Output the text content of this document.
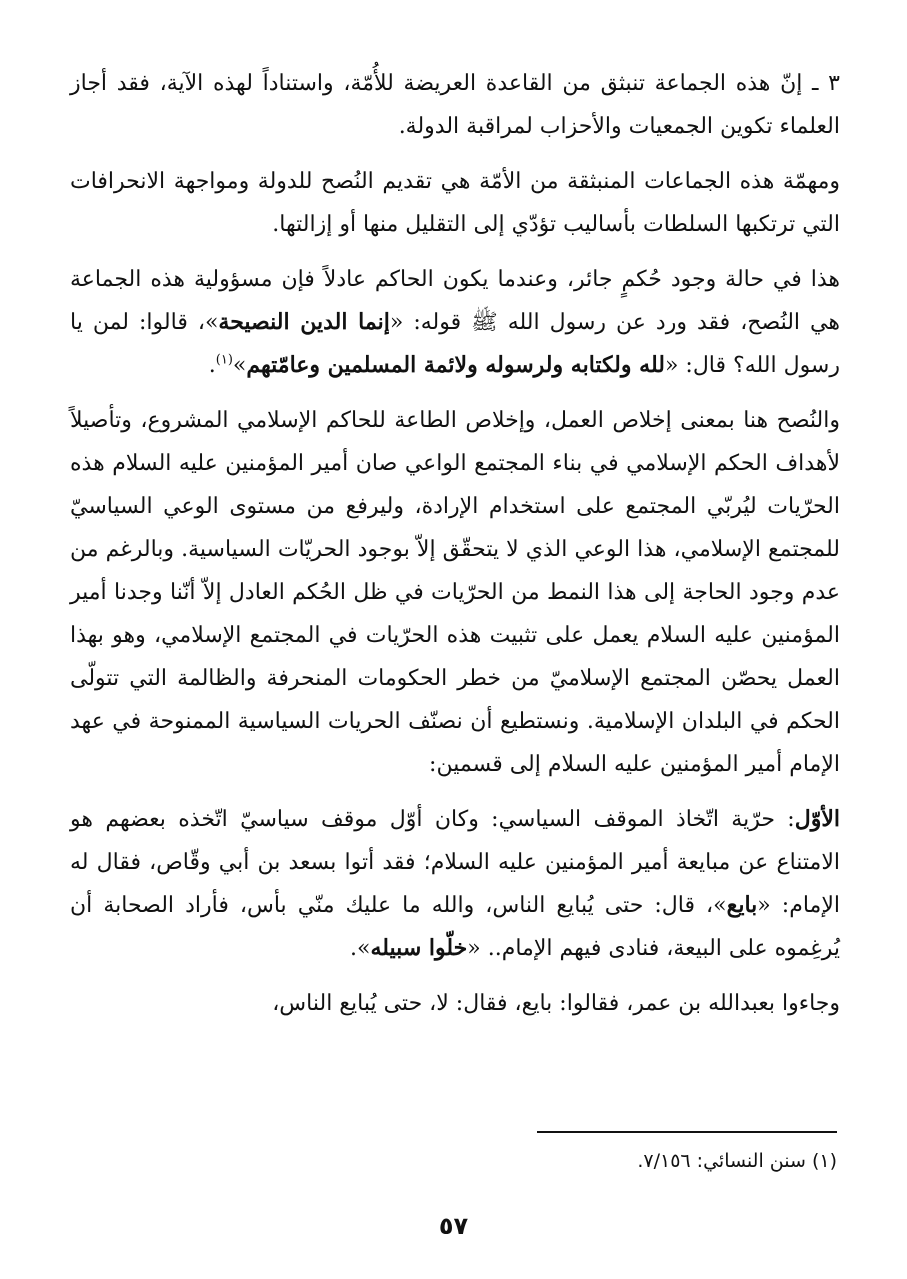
٣ ـ إنّ هذه الجماعة تنبثق من القاعدة العريضة للأُمّة، واستناداً لهذه الآية، فقد أجاز العلماء تكوين الجمعيات والأحزاب لمراقبة الدولة.

ومهمّة هذه الجماعات المنبثقة من الأمّة هي تقديم النُصح للدولة ومواجهة الانحرافات التي ترتكبها السلطات بأساليب تؤدّي إلى التقليل منها أو إزالتها.

هذا في حالة وجود حُكمٍ جائر، وعندما يكون الحاكم عادلاً فإن مسؤولية هذه الجماعة هي النُصح، فقد ورد عن رسول الله ﷺ قوله: «إنما الدين النصيحة»، قالوا: لمن يا رسول الله؟ قال: «لله ولكتابه ولرسوله ولائمة المسلمين وعامّتهم»$^{(١)}$.

والنُصح هنا بمعنى إخلاص العمل، وإخلاص الطاعة للحاكم الإسلامي المشروع، وتأصيلاً لأهداف الحكم الإسلامي في بناء المجتمع الواعي صان أمير المؤمنين عليه السلام هذه الحرّيات ليُربّي المجتمع على استخدام الإرادة، وليرفع من مستوى الوعي السياسيّ للمجتمع الإسلامي، هذا الوعي الذي لا يتحقّق إلاّ بوجود الحريّات السياسية. وبالرغم من عدم وجود الحاجة إلى هذا النمط من الحرّيات في ظل الحُكم العادل إلاّ أنّنا وجدنا أمير المؤمنين عليه السلام يعمل على تثبيت هذه الحرّيات في المجتمع الإسلامي، وهو بهذا العمل يحصّن المجتمع الإسلاميّ من خطر الحكومات المنحرفة والظالمة التي تتولّى الحكم في البلدان الإسلامية. ونستطيع أن نصنّف الحريات السياسية الممنوحة في عهد الإمام أمير المؤمنين عليه السلام إلى قسمين:

الأوّل: حرّية اتّخاذ الموقف السياسي: وكان أوّل موقف سياسيّ اتّخذه بعضهم هو الامتناع عن مبايعة أمير المؤمنين عليه السلام؛ فقد أتوا بسعد بن أبي وقّاص، فقال له الإمام: «بايع»، قال: حتى يُبايع الناس، والله ما عليك منّي بأس، فأراد الصحابة أن يُرغِموه على البيعة، فنادى فيهم الإمام.. «خلّوا سبيله».

وجاءوا بعبدالله بن عمر، فقالوا: بايع، فقال: لا، حتى يُبايع الناس،

(١) سنن النسائي: ٧/١٥٦.
٥٧
